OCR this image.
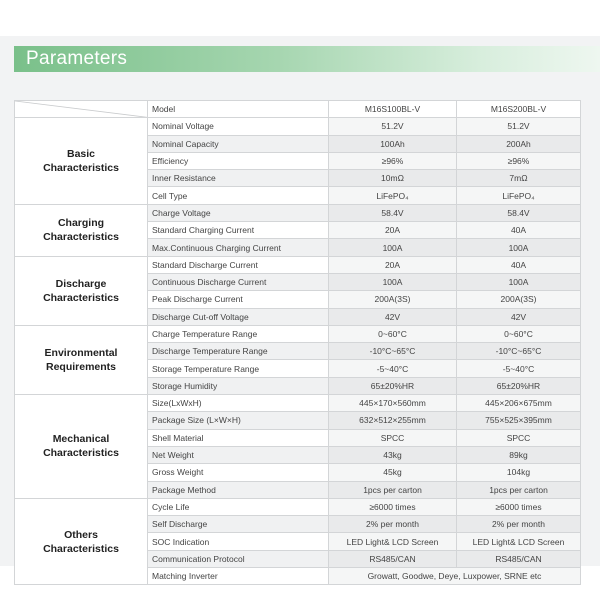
Parameters
	Model	M16S100BL-V	M16S200BL-V
Basic
Characteristics	Nominal Voltage	51.2V	51.2V
	Nominal Capacity	100Ah	200Ah
	Efficiency	≥96%	≥96%
	Inner Resistance	10mΩ	7mΩ
	Cell Type	LiFePO₄	LiFePO₄
Charging
Characteristics	Charge Voltage	58.4V	58.4V
	Standard Charging Current	20A	40A
	Max.Continuous Charging Current	100A	100A
Discharge
Characteristics	Standard Discharge Current	20A	40A
	Continuous Discharge Current	100A	100A
	Peak Discharge Current	200A(3S)	200A(3S)
	Discharge Cut-off Voltage	42V	42V
Environmental
Requirements	Charge Temperature Range	0~60°C	0~60°C
	Discharge Temperature Range	-10°C~65°C	-10°C~65°C
	Storage Temperature Range	-5~40°C	-5~40°C
	Storage Humidity	65±20%HR	65±20%HR
Mechanical
Characteristics	Size(LxWxH)	445×170×560mm	445×206×675mm
	Package Size (L×W×H)	632×512×255mm	755×525×395mm
	Shell Material	SPCC	SPCC
	Net Weight	43kg	89kg
	Gross Weight	45kg	104kg
	Package Method	1pcs per carton	1pcs per carton
Others
Characteristics	Cycle Life	≥6000 times	≥6000 times
	Self Discharge	2% per month	2% per month
	SOC Indication	LED Light& LCD Screen	LED Light& LCD Screen
	Communication Protocol	RS485/CAN	RS485/CAN
	Matching Inverter	Growatt, Goodwe, Deye, Luxpower, SRNE etc	
